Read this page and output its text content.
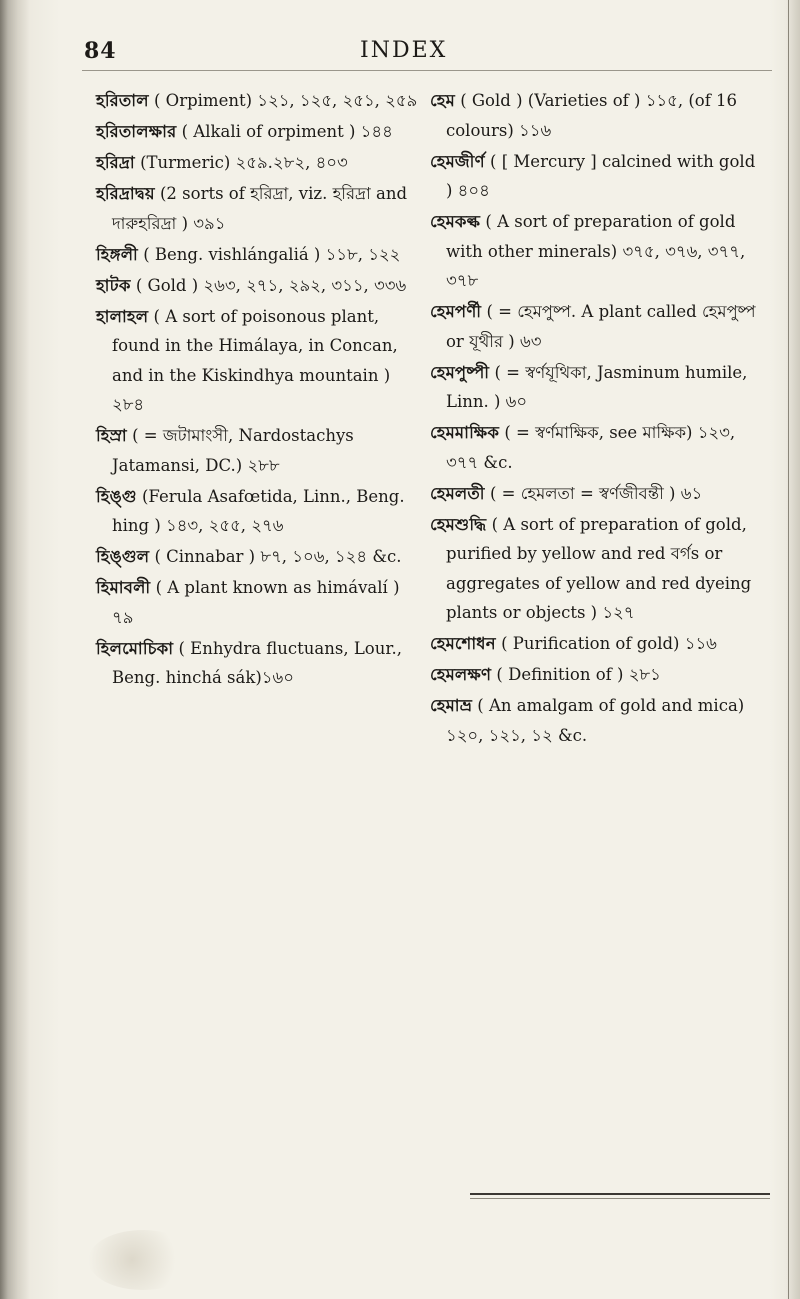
84	INDEX

হরিতাল ( Orpiment) ১২১, ১২৫, ২৫১, ২৫৯

হরিতালক্ষার ( Alkali of orpiment ) ১৪৪

হরিদ্রা (Turmeric) ২৫৯.২৮২, ৪০৩

হরিদ্রাদ্বয় (2 sorts of হরিদ্রা, viz. হরিদ্রা and দারুহরিদ্রা ) ৩৯১

হিঙ্গলী ( Beng. vishlángaliá ) ১১৮, ১২২

হাটক ( Gold ) ২৬৩, ২৭১, ২৯২, ৩১১, ৩৩৬

হালাহল ( A sort of poisonous plant, found in the Himálaya, in Concan, and in the Kiskindhya mountain ) ২৮৪

হিস্রা ( = জটামাংসী, Nardostachys Jatamansi, DC.) ২৮৮

হিঙ্গু (Ferula Asafœtida, Linn., Beng. hing ) ১৪৩, ২৫৫, ২৭৬

হিঙ্গুল ( Cinnabar ) ৮৭, ১০৬, ১২৪ &c.

হিমাবলী ( A plant known as himávalí ) ৭৯

হিলমোচিকা ( Enhydra fluctuans, Lour., Beng. hinchá sák)১৬০

হেম ( Gold ) (Varieties of ) ১১৫, (of 16 colours) ১১৬

হেমজীর্ণ ( [ Mercury ] calcined with gold ) ৪০৪

হেমকল্ক ( A sort of preparation of gold with other minerals) ৩৭৫, ৩৭৬, ৩৭৭, ৩৭৮

হেমপর্ণী ( = হেমপুষ্প. A plant called হেমপুষ্প or যূথীর ) ৬৩

হেমপুষ্পী ( = স্বর্ণযূথিকা, Jasminum humile, Linn. ) ৬০

হেমমাক্ষিক ( = স্বর্ণমাক্ষিক, see মাক্ষিক) ১২৩, ৩৭৭ &c.

হেমলতী ( = হেমলতা = স্বর্ণজীবন্তী ) ৬১

হেমশুদ্ধি ( A sort of preparation of gold, purified by yellow and red বর্গs or aggregates of yellow and red dyeing plants or objects ) ১২৭

হেমশোধন ( Purification of gold) ১১৬

হেমলক্ষণ ( Definition of ) ২৮১

হেমাভ্র ( An amalgam of gold and mica) ১২০, ১২১, ১২ &c.
